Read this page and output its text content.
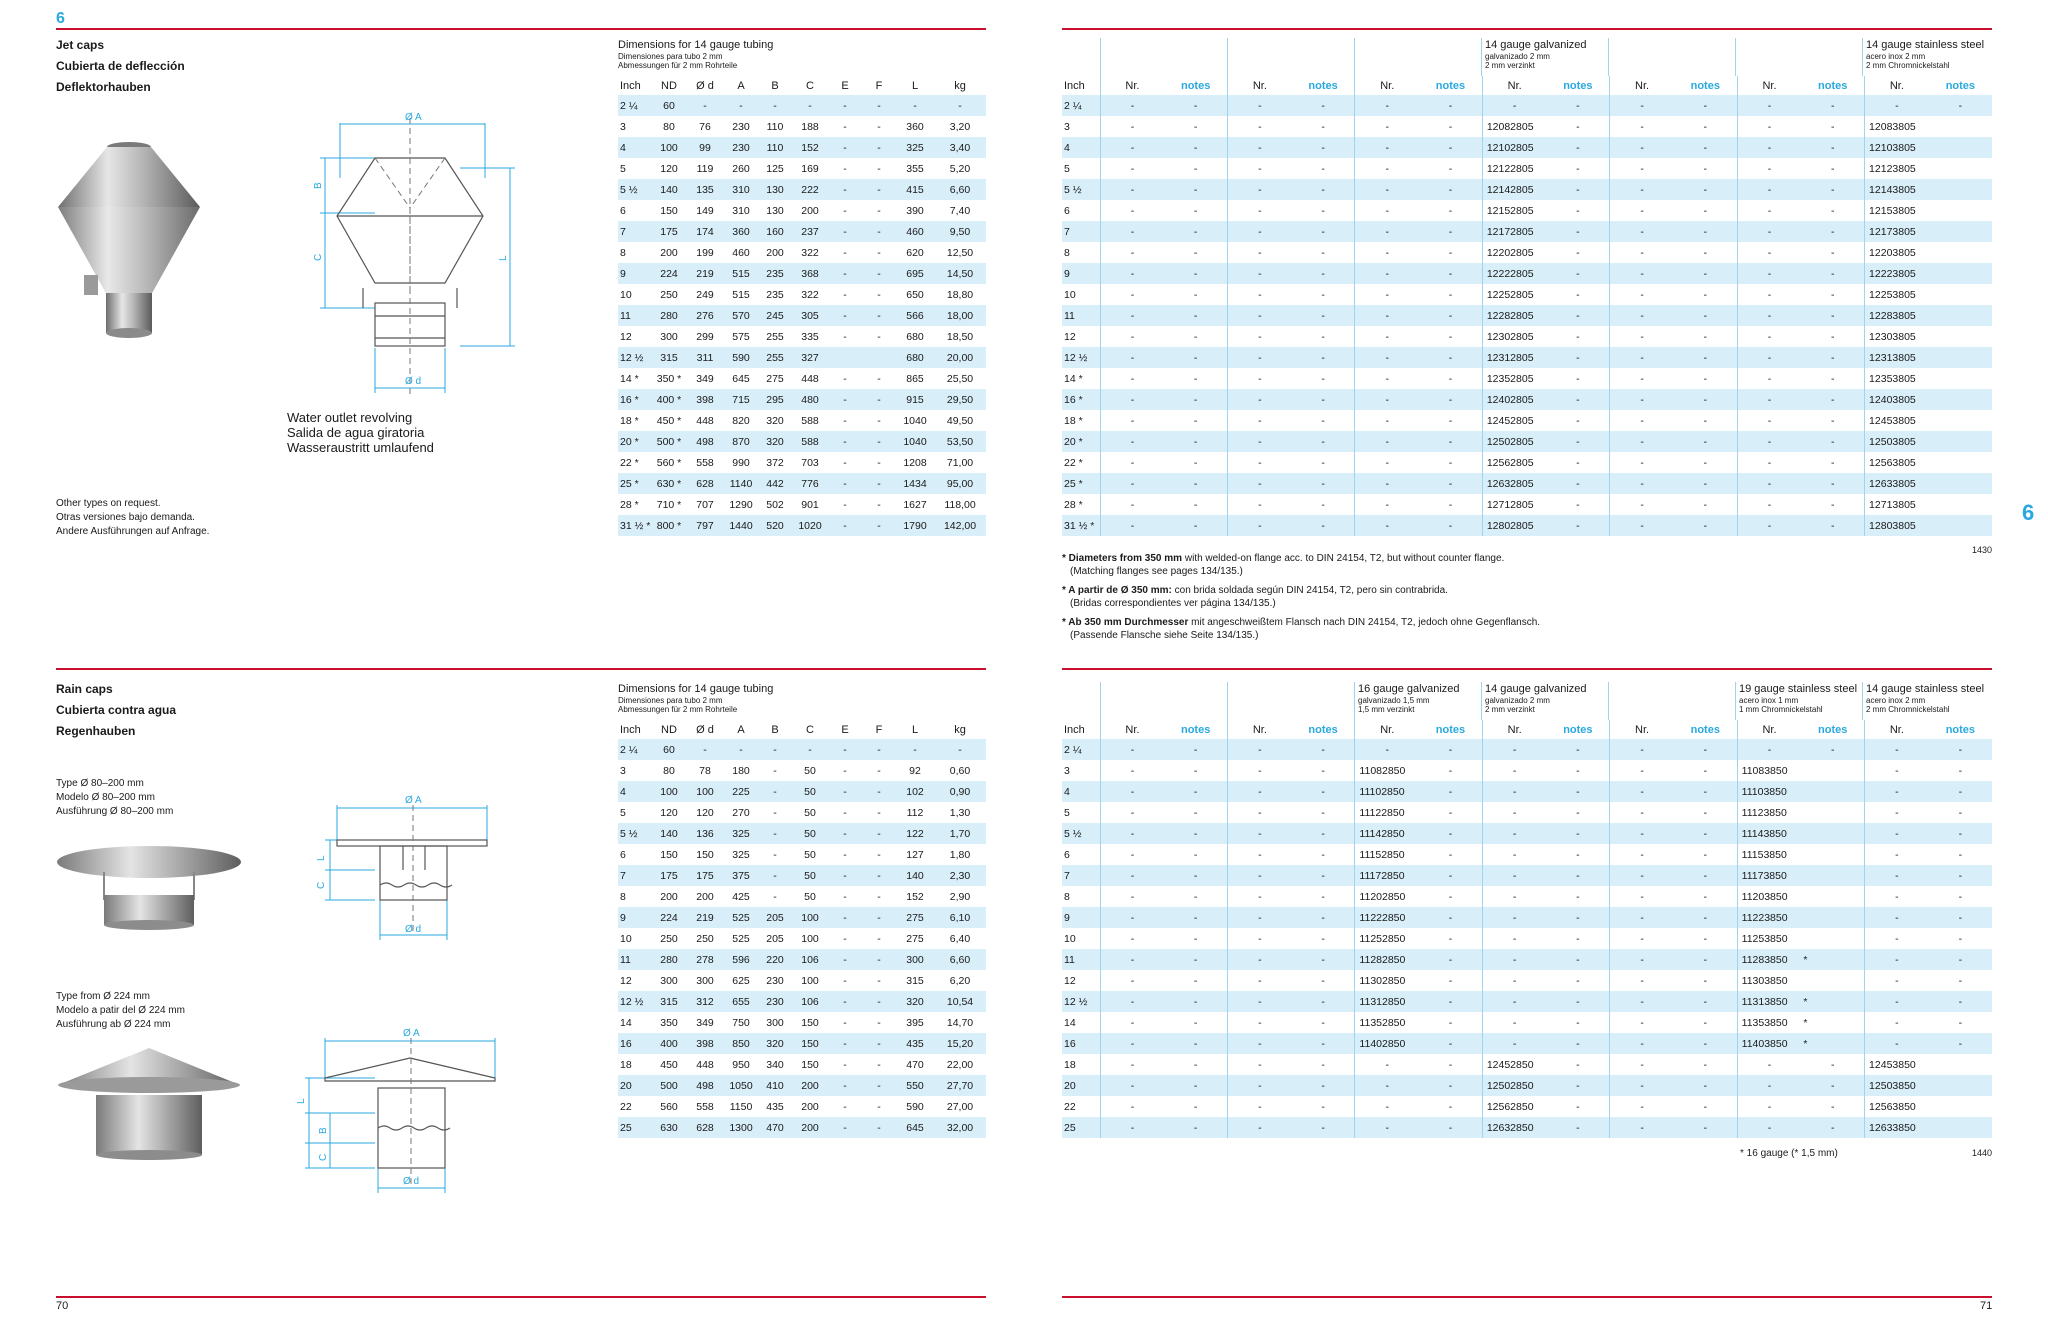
6
6
70	71
Jet caps
Cubierta de deflección
Deflektorhauben
Ø A
Ø d
B
C	L
Water outlet revolving
Salida de agua giratoria
Wasseraustritt umlaufend
Other types on request.
Otras versiones bajo demanda.
Andere Ausführungen auf Anfrage.
Dimensions for 14 gauge tubing
Dimensiones para tubo 2 mm
Abmessungen für 2 mm Rohrteile
Inch	ND	Ø d	A	B	C	E	F	L	kg
2 ¼	60	-	-	-	-	-	-	-	-
3	80	76	230	110	188	-	-	360	3,20
4	100	99	230	110	152	-	-	325	3,40
5	120	119	260	125	169	-	-	355	5,20
5 ½	140	135	310	130	222	-	-	415	6,60
6	150	149	310	130	200	-	-	390	7,40
7	175	174	360	160	237	-	-	460	9,50
8	200	199	460	200	322	-	-	620	12,50
9	224	219	515	235	368	-	-	695	14,50
10	250	249	515	235	322	-	-	650	18,80
11	280	276	570	245	305	-	-	566	18,00
12	300	299	575	255	335	-	-	680	18,50
12 ½	315	311	590	255	327			680	20,00
14 *	350 *	349	645	275	448	-	-	865	25,50
16 *	400 *	398	715	295	480	-	-	915	29,50
18 *	450 *	448	820	320	588	-	-	1040	49,50
20 *	500 *	498	870	320	588	-	-	1040	53,50
22 *	560 *	558	990	372	703	-	-	1208	71,00
25 *	630 *	628	1140	442	776	-	-	1434	95,00
28 *	710 *	707	1290	502	901	-	-	1627	118,00
31 ½ *	800 *	797	1440	520	1020	-	-	1790	142,00
14 gauge galvanized
galvanizado 2 mm
2 mm verzinkt
14 gauge stainless steel
acero inox 2 mm
2 mm Chromnickelstahl
Inch	Nr.	notes	Nr.	notes	Nr.	notes	Nr.	notes	Nr.	notes	Nr.	notes	Nr.	notes
2 ¼	-	-	-	-	-	-	-	-	-	-	-	-	-	-
3	-	-	-	-	-	-	12082805	-	-	-	-	-	12083805	
4	-	-	-	-	-	-	12102805	-	-	-	-	-	12103805	
5	-	-	-	-	-	-	12122805	-	-	-	-	-	12123805	
5 ½	-	-	-	-	-	-	12142805	-	-	-	-	-	12143805	
6	-	-	-	-	-	-	12152805	-	-	-	-	-	12153805	
7	-	-	-	-	-	-	12172805	-	-	-	-	-	12173805	
8	-	-	-	-	-	-	12202805	-	-	-	-	-	12203805	
9	-	-	-	-	-	-	12222805	-	-	-	-	-	12223805	
10	-	-	-	-	-	-	12252805	-	-	-	-	-	12253805	
11	-	-	-	-	-	-	12282805	-	-	-	-	-	12283805	
12	-	-	-	-	-	-	12302805	-	-	-	-	-	12303805	
12 ½	-	-	-	-	-	-	12312805	-	-	-	-	-	12313805	
14 *	-	-	-	-	-	-	12352805	-	-	-	-	-	12353805	
16 *	-	-	-	-	-	-	12402805	-	-	-	-	-	12403805	
18 *	-	-	-	-	-	-	12452805	-	-	-	-	-	12453805	
20 *	-	-	-	-	-	-	12502805	-	-	-	-	-	12503805	
22 *	-	-	-	-	-	-	12562805	-	-	-	-	-	12563805	
25 *	-	-	-	-	-	-	12632805	-	-	-	-	-	12633805	
28 *	-	-	-	-	-	-	12712805	-	-	-	-	-	12713805	
31 ½ *	-	-	-	-	-	-	12802805	-	-	-	-	-	12803805	
1430
* Diameters from 350 mm with welded-on flange acc. to DIN 24154, T2, but without counter flange.
(Matching flanges see pages 134/135.)
* A partir de Ø 350 mm: con brida soldada según DIN 24154, T2, pero sin contrabrida.
(Bridas correspondientes ver página 134/135.)
* Ab 350 mm Durchmesser mit angeschweißtem Flansch nach DIN 24154, T2, jedoch ohne Gegenflansch.
(Passende Flansche siehe Seite 134/135.)
Rain caps
Cubierta contra agua
Regenhauben
Type Ø 80–200 mm
Modelo Ø 80–200 mm
Ausführung Ø 80–200 mm
Ø A
Ø d
L
C
Type from Ø 224 mm
Modelo a patir del Ø 224 mm
Ausführung ab Ø 224 mm
Ø A
Ø d
L
B
C
Dimensions for 14 gauge tubing
Dimensiones para tubo 2 mm
Abmessungen für 2 mm Rohrteile
Inch	ND	Ø d	A	B	C	E	F	L	kg
2 ¼	60	-	-	-	-	-	-	-	-
3	80	78	180	-	50	-	-	92	0,60
4	100	100	225	-	50	-	-	102	0,90
5	120	120	270	-	50	-	-	112	1,30
5 ½	140	136	325	-	50	-	-	122	1,70
6	150	150	325	-	50	-	-	127	1,80
7	175	175	375	-	50	-	-	140	2,30
8	200	200	425	-	50	-	-	152	2,90
9	224	219	525	205	100	-	-	275	6,10
10	250	250	525	205	100	-	-	275	6,40
11	280	278	596	220	106	-	-	300	6,60
12	300	300	625	230	100	-	-	315	6,20
12 ½	315	312	655	230	106	-	-	320	10,54
14	350	349	750	300	150	-	-	395	14,70
16	400	398	850	320	150	-	-	435	15,20
18	450	448	950	340	150	-	-	470	22,00
20	500	498	1050	410	200	-	-	550	27,70
22	560	558	1150	435	200	-	-	590	27,00
25	630	628	1300	470	200	-	-	645	32,00
16 gauge galvanized
galvanizado 1,5 mm
1,5 mm verzinkt
14 gauge galvanized
galvanizado 2 mm
2 mm verzinkt
19 gauge stainless steel
acero inox 1 mm
1 mm Chromnickelstahl
14 gauge stainless steel
acero inox 2 mm
2 mm Chromnickelstahl
Inch	Nr.	notes	Nr.	notes	Nr.	notes	Nr.	notes	Nr.	notes	Nr.	notes	Nr.	notes
2 ¼	-	-	-	-	-	-	-	-	-	-	-	-	-	-
3	-	-	-	-	11082850	-	-	-	-	-	11083850		-	-
4	-	-	-	-	11102850	-	-	-	-	-	11103850		-	-
5	-	-	-	-	11122850	-	-	-	-	-	11123850		-	-
5 ½	-	-	-	-	11142850	-	-	-	-	-	11143850		-	-
6	-	-	-	-	11152850	-	-	-	-	-	11153850		-	-
7	-	-	-	-	11172850	-	-	-	-	-	11173850		-	-
8	-	-	-	-	11202850	-	-	-	-	-	11203850		-	-
9	-	-	-	-	11222850	-	-	-	-	-	11223850		-	-
10	-	-	-	-	11252850	-	-	-	-	-	11253850		-	-
11	-	-	-	-	11282850	-	-	-	-	-	11283850	*	-	-
12	-	-	-	-	11302850	-	-	-	-	-	11303850		-	-
12 ½	-	-	-	-	11312850	-	-	-	-	-	11313850	*	-	-
14	-	-	-	-	11352850	-	-	-	-	-	11353850	*	-	-
16	-	-	-	-	11402850	-	-	-	-	-	11403850	*	-	-
18	-	-	-	-	-	-	12452850	-	-	-	-	-	12453850	
20	-	-	-	-	-	-	12502850	-	-	-	-	-	12503850	
22	-	-	-	-	-	-	12562850	-	-	-	-	-	12563850	
25	-	-	-	-	-	-	12632850	-	-	-	-	-	12633850	
* 16 gauge (* 1,5 mm)	1440
